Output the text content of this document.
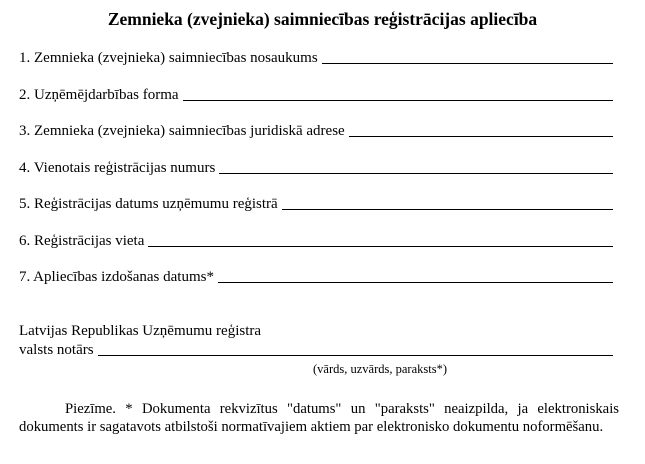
Zemnieka (zvejnieka) saimniecības reģistrācijas apliecība
1. Zemnieka (zvejnieka) saimniecības nosaukums
2. Uzņēmējdarbības forma
3. Zemnieka (zvejnieka) saimniecības juridiskā adrese
4. Vienotais reģistrācijas numurs
5. Reģistrācijas datums uzņēmumu reģistrā
6. Reģistrācijas vieta
7. Apliecības izdošanas datums*
Latvijas Republikas Uzņēmumu reģistra
valsts notārs
(vārds, uzvārds, paraksts*)
Piezīme. * Dokumenta rekvizītus "datums" un "paraksts" neaizpilda, ja elektroniskais dokuments ir sagatavots atbilstoši normatīvajiem aktiem par elektronisko dokumentu noformēšanu.
